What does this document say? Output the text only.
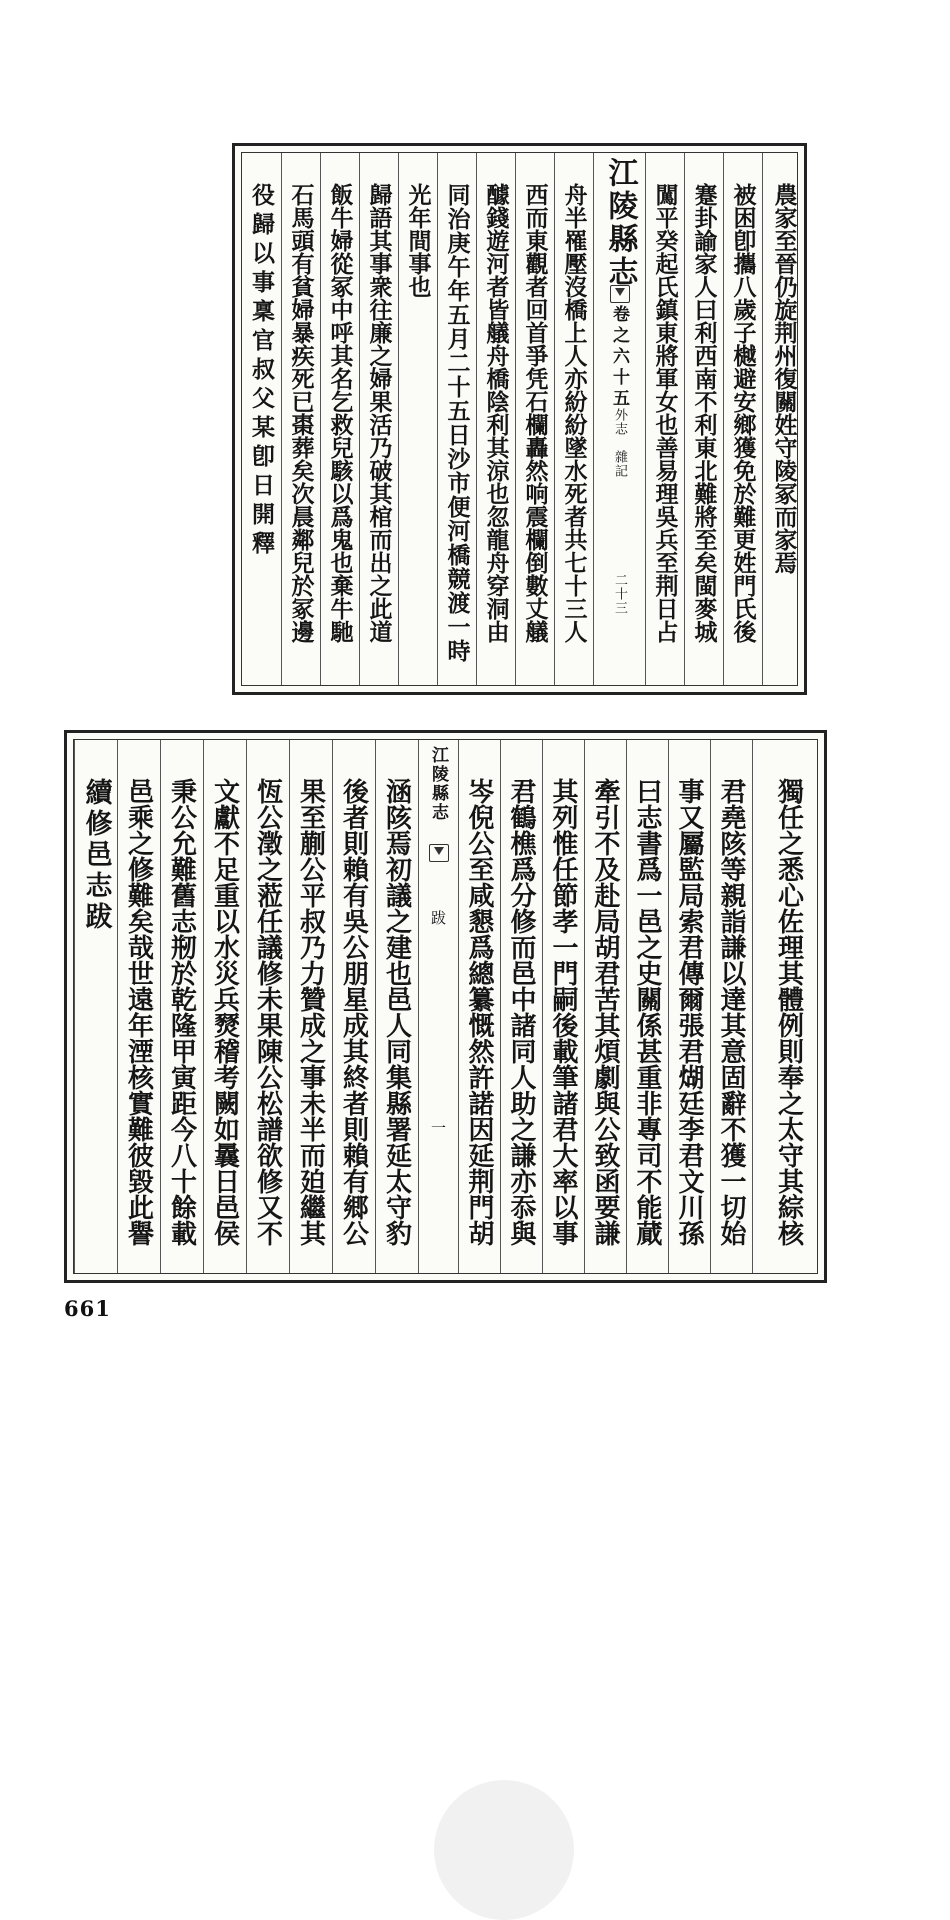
役歸以事稟官叔父某卽日開釋 石馬頭有貧婦暴疾死已棗葬矣次晨鄰兒於冢邊 飯牛婦從冢中呼其名乞救兒駭以爲鬼也棄牛馳 歸語其事衆往廉之婦果活乃破其棺而出之此道 光年間事也 同治庚午年五月二十五日沙市便河橋競渡一時 醵錢遊河者皆艤舟橋陰利其涼也忽龍舟穿洞由 西而東觀者回首爭凭石欄轟然响震欄倒數丈艤 舟半罹壓沒橋上人亦紛紛墜水死者共七十三人 江陵縣志
卷之六十五
外志　雜記
二十三 闖平癸起氏鎮東將軍女也善易理吳兵至荆日占 蹇卦諭家人曰利西南不利東北難將至矣閩麥城 被困卽攜八歲子樾避安鄉獲免於難更姓門氏後 農家至晉仍旋荆州復關姓守陵冢而家焉
續修邑志跋 邑乘之修難矣哉世遠年湮核實難彼毀此譽 秉公允難舊志剏於乾隆甲寅距今八十餘載 文獻不足重以水災兵燹稽考闕如曩日邑侯 恆公澂之蒞任議修未果陳公松譜欲修又不 果至蒯公平叔乃力贊成之事未半而廹繼其 後者則賴有吳公朋星成其終者則賴有郷公 涵陔焉初議之建也邑人同集縣署延太守豹 江陵縣志
跋
一 岑倪公至咸懇爲總纂慨然許諾因延荆門胡 君鶴樵爲分修而邑中諸同人助之謙亦忝與 其列惟任節孝一門嗣後載筆諸君大率以事 牽引不及赴局胡君苦其煩劇與公致函要謙 曰志書爲一邑之史關係甚重非專司不能蕆 事又屬監局索君傳爾張君煳廷李君文川孫 君堯陔等親詣謙以達其意固辭不獲一切始 獨任之悉心佐理其體例則奉之太守其綜核
661
